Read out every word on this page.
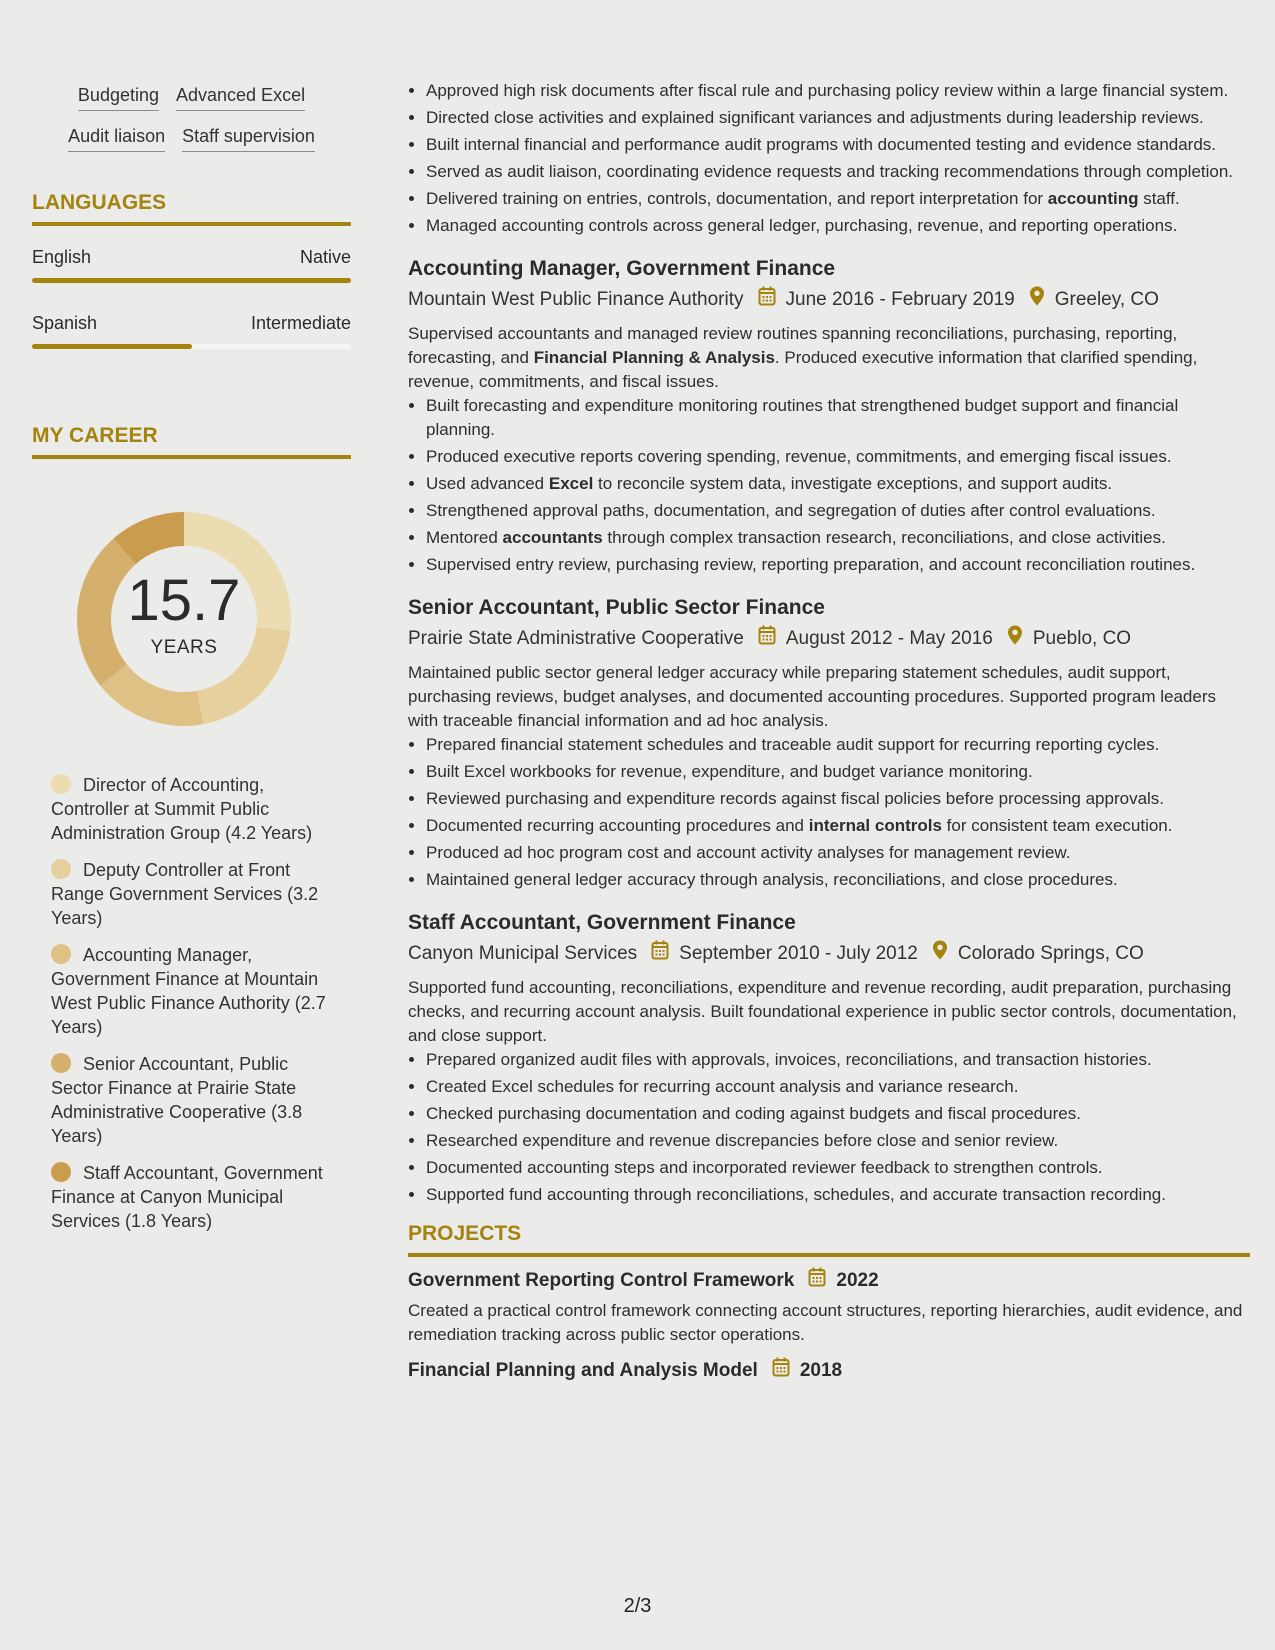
Budgeting Advanced Excel
Audit liaison Staff supervision
LANGUAGES
English	Native
Spanish	Intermediate
MY CAREER
15.7
YEARS
Director of Accounting, Controller at Summit Public Administration Group (4.2 Years)
Deputy Controller at Front Range Government Services (3.2 Years)
Accounting Manager, Government Finance at Mountain West Public Finance Authority (2.7 Years)
Senior Accountant, Public Sector Finance at Prairie State Administrative Cooperative (3.8 Years)
Staff Accountant, Government Finance at Canyon Municipal Services (1.8 Years)
• Approved high risk documents after fiscal rule and purchasing policy review within a large financial system.
• Directed close activities and explained significant variances and adjustments during leadership reviews.
• Built internal financial and performance audit programs with documented testing and evidence standards.
• Served as audit liaison, coordinating evidence requests and tracking recommendations through completion.
• Delivered training on entries, controls, documentation, and report interpretation for accounting staff.
• Managed accounting controls across general ledger, purchasing, revenue, and reporting operations.
Accounting Manager, Government Finance
Mountain West Public Finance Authority June 2016 - February 2019 Greeley, CO
Supervised accountants and managed review routines spanning reconciliations, purchasing, reporting, forecasting, and Financial Planning & Analysis. Produced executive information that clarified spending, revenue, commitments, and fiscal issues.
• Built forecasting and expenditure monitoring routines that strengthened budget support and financial planning.
• Produced executive reports covering spending, revenue, commitments, and emerging fiscal issues.
• Used advanced Excel to reconcile system data, investigate exceptions, and support audits.
• Strengthened approval paths, documentation, and segregation of duties after control evaluations.
• Mentored accountants through complex transaction research, reconciliations, and close activities.
• Supervised entry review, purchasing review, reporting preparation, and account reconciliation routines.
Senior Accountant, Public Sector Finance
Prairie State Administrative Cooperative August 2012 - May 2016 Pueblo, CO
Maintained public sector general ledger accuracy while preparing statement schedules, audit support, purchasing reviews, budget analyses, and documented accounting procedures. Supported program leaders with traceable financial information and ad hoc analysis.
• Prepared financial statement schedules and traceable audit support for recurring reporting cycles.
• Built Excel workbooks for revenue, expenditure, and budget variance monitoring.
• Reviewed purchasing and expenditure records against fiscal policies before processing approvals.
• Documented recurring accounting procedures and internal controls for consistent team execution.
• Produced ad hoc program cost and account activity analyses for management review.
• Maintained general ledger accuracy through analysis, reconciliations, and close procedures.
Staff Accountant, Government Finance
Canyon Municipal Services September 2010 - July 2012 Colorado Springs, CO
Supported fund accounting, reconciliations, expenditure and revenue recording, audit preparation, purchasing checks, and recurring account analysis. Built foundational experience in public sector controls, documentation, and close support.
• Prepared organized audit files with approvals, invoices, reconciliations, and transaction histories.
• Created Excel schedules for recurring account analysis and variance research.
• Checked purchasing documentation and coding against budgets and fiscal procedures.
• Researched expenditure and revenue discrepancies before close and senior review.
• Documented accounting steps and incorporated reviewer feedback to strengthen controls.
• Supported fund accounting through reconciliations, schedules, and accurate transaction recording.
PROJECTS
Government Reporting Control Framework 2022
Created a practical control framework connecting account structures, reporting hierarchies, audit evidence, and remediation tracking across public sector operations.
Financial Planning and Analysis Model 2018
2/3
